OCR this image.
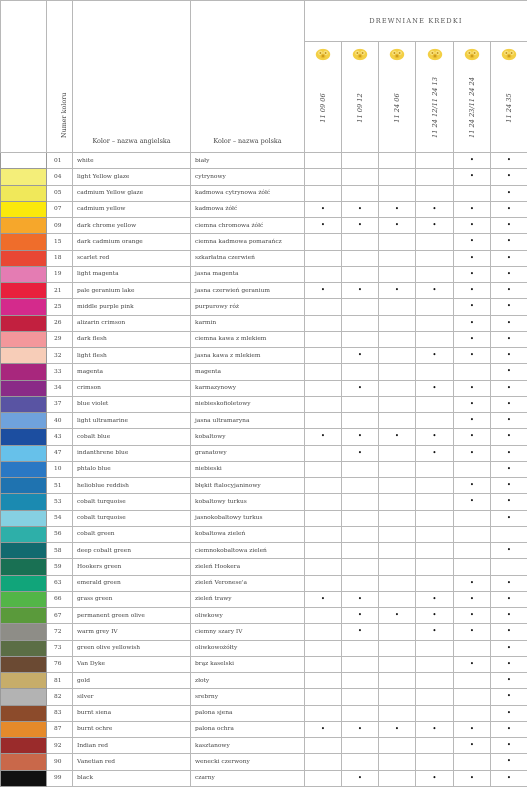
	Numer koloru	Kolor – nazwa angielska	Kolor – nazwa polska	DREWNIANE KREDKI					

				11 09 06	11 09 12	11 24 06	11 24 12/11 24 13	11 24 23/11 24 24	11 24 35

	01	white	biały					•	•
	04	light Yellow glaze	cytrynowy					•	•
	05	cadmium Yellow glaze	kadmowa cytrynowa żółć						•
	07	cadmium yellow	kadmowa żółć	•	•	•	•	•	•
	09	dark chrome yellow	ciemna chromowa żółć	•	•	•	•	•	•
	15	dark cadmium orange	ciemna kadmowa pomarańcz					•	•
	18	scarlet red	szkarłatna czerwień					•	•
	19	light magenta	jasna magenta					•	•
	21	pale geranium lake	jasna czerwień geranium	•	•	•	•	•	•
	25	middle purple pink	purpurowy róż					•	•
	26	alizarin crimson	karmin					•	•
	29	dark flesh	ciemna kawa z mlekiem					•	•
	32	light flesh	jasna kawa z mlekiem		•		•	•	•
	33	magenta	magenta						•
	34	crimson	karmazynowy		•		•	•	•
	37	blue violet	niebieskofioletowy					•	•
	40	light ultramarine	jasna ultramaryna					•	•
	43	cobalt blue	kobaltowy	•	•	•	•	•	•
	47	indanthrene blue	granatowy		•		•	•	•
	10	phtalo blue	niebieski						•
	51	helioblue reddish	błękit ftalocyjaninowy					•	•
	53	cobalt turquoise	kobaltowy turkus					•	•
	54	cobalt turquoise	jasnokobaltowy turkus						•
	56	cobalt green	kobaltowa zieleń						
	58	deep cobalt green	ciemnokobaltowa zieleń						•
	59	Hookers green	zieleń Hookera						
	63	emerald green	zieleń Veronese'a					•	•
	66	grass green	zieleń trawy	•	•		•	•	•
	67	permanent green olive	oliwkowy		•	•	•	•	•
	72	warm grey IV	ciemny szary IV		•		•	•	•
	73	green olive yellowish	oliwkowożółty						•
	76	Van Dyke	brąz kaselski					•	•
	81	gold	złoty						•
	82	silver	srebrny						•
	83	burnt siena	palona sjena						•
	87	burnt ochre	palona ochra	•	•	•	•	•	•
	92	Indian red	kasztanowy					•	•
	90	Vanetian red	wenecki czerwony						•
	99	black	czarny		•		•	•	•
